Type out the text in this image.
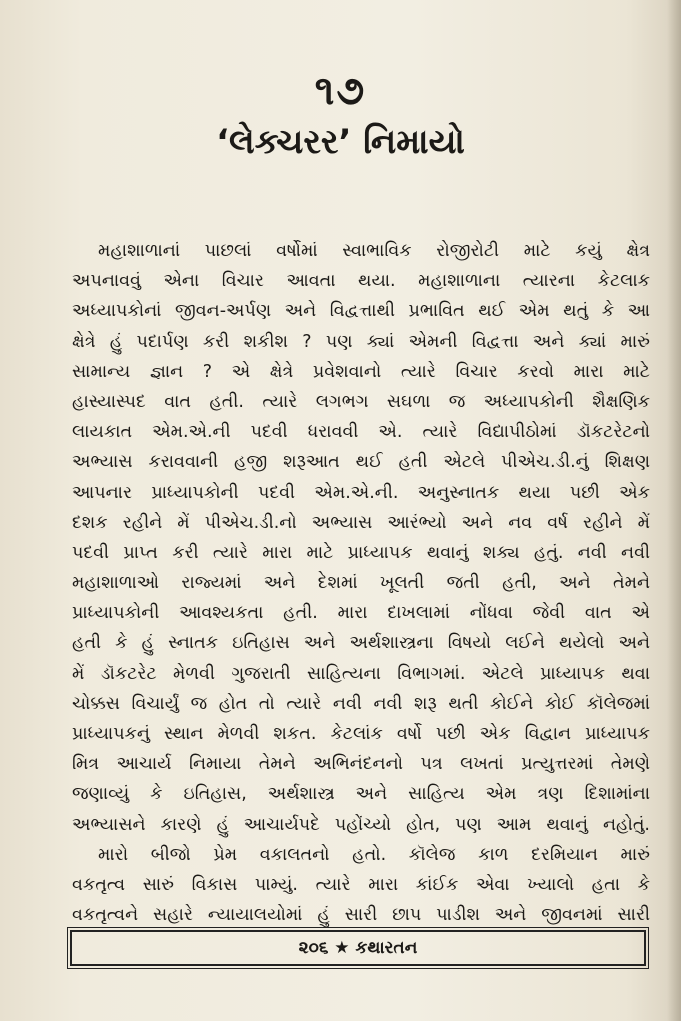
૧૭
‘લેક્ચરર’ નિમાયો
મહાશાળાનાં પાછલાં વર્ષોમાં સ્વાભાવિક રોજીરોટી માટે કયું ક્ષેત્ર
અપનાવવું એના વિચાર આવતા થયા. મહાશાળાના ત્યારના કેટલાક
અધ્યાપકોનાં જીવન-અર્પણ અને વિદ્વત્તાથી પ્રભાવિત થઈ એમ થતું કે આ
ક્ષેત્રે હું પદાર્પણ કરી શકીશ ? પણ ક્યાં એમની વિદ્વત્તા અને ક્યાં મારું
સામાન્ય જ્ઞાન ? એ ક્ષેત્રે પ્રવેશવાનો ત્યારે વિચાર કરવો મારા માટે
હાસ્યાસ્પદ વાત હતી. ત્યારે લગભગ સઘળા જ અધ્યાપકોની શૈક્ષણિક
લાયકાત એમ.એ.ની પદવી ધરાવવી એ. ત્યારે વિદ્યાપીઠોમાં ડૉકટરેટનો
અભ્યાસ કરાવવાની હજી શરૂઆત થઈ હતી એટલે પીએચ.ડી.નું શિક્ષણ
આપનાર પ્રાધ્યાપકોની પદવી એમ.એ.ની. અનુસ્નાતક થયા પછી એક
દશક રહીને મેં પીએચ.ડી.નો અભ્યાસ આરંભ્યો અને નવ વર્ષ રહીને મેં
પદવી પ્રાપ્ત કરી ત્યારે મારા માટે પ્રાધ્યાપક થવાનું શક્ય હતું. નવી નવી
મહાશાળાઓ રાજ્યમાં અને દેશમાં ખૂલતી જતી હતી, અને તેમને
પ્રાધ્યાપકોની આવશ્યકતા હતી. મારા દાખલામાં નોંધવા જેવી વાત એ
હતી કે હું સ્નાતક ઇતિહાસ અને અર્થશાસ્ત્રના વિષયો લઈને થયેલો અને
મેં ડૉકટરેટ મેળવી ગુજરાતી સાહિત્યના વિભાગમાં. એટલે પ્રાધ્યાપક થવા
ચોક્કસ વિચાર્યું જ હોત તો ત્યારે નવી નવી શરૂ થતી કોઈને કોઈ કૉલેજમાં
પ્રાધ્યાપકનું સ્થાન મેળવી શકત. કેટલાંક વર્ષો પછી એક વિદ્વાન પ્રાધ્યાપક
મિત્ર આચાર્ય નિમાયા તેમને અભિનંદનનો પત્ર લખતાં પ્રત્યુત્તરમાં તેમણે
જણાવ્યું કે ઇતિહાસ, અર્થશાસ્ત્ર અને સાહિત્ય એમ ત્રણ દિશામાંના
અભ્યાસને કારણે હું આચાર્યપદે પહોંચ્યો હોત, પણ આમ થવાનું નહોતું.
મારો બીજો પ્રેમ વકાલતનો હતો. કૉલેજ કાળ દરમિયાન મારું
વકતૃત્વ સારું વિકાસ પામ્યું. ત્યારે મારા કાંઈક એવા ખ્યાલો હતા કે
વકતૃત્વને સહારે ન્યાયાલયોમાં હું સારી છાપ પાડીશ અને જીવનમાં સારી
૨૦૬ ★ કથારતન
